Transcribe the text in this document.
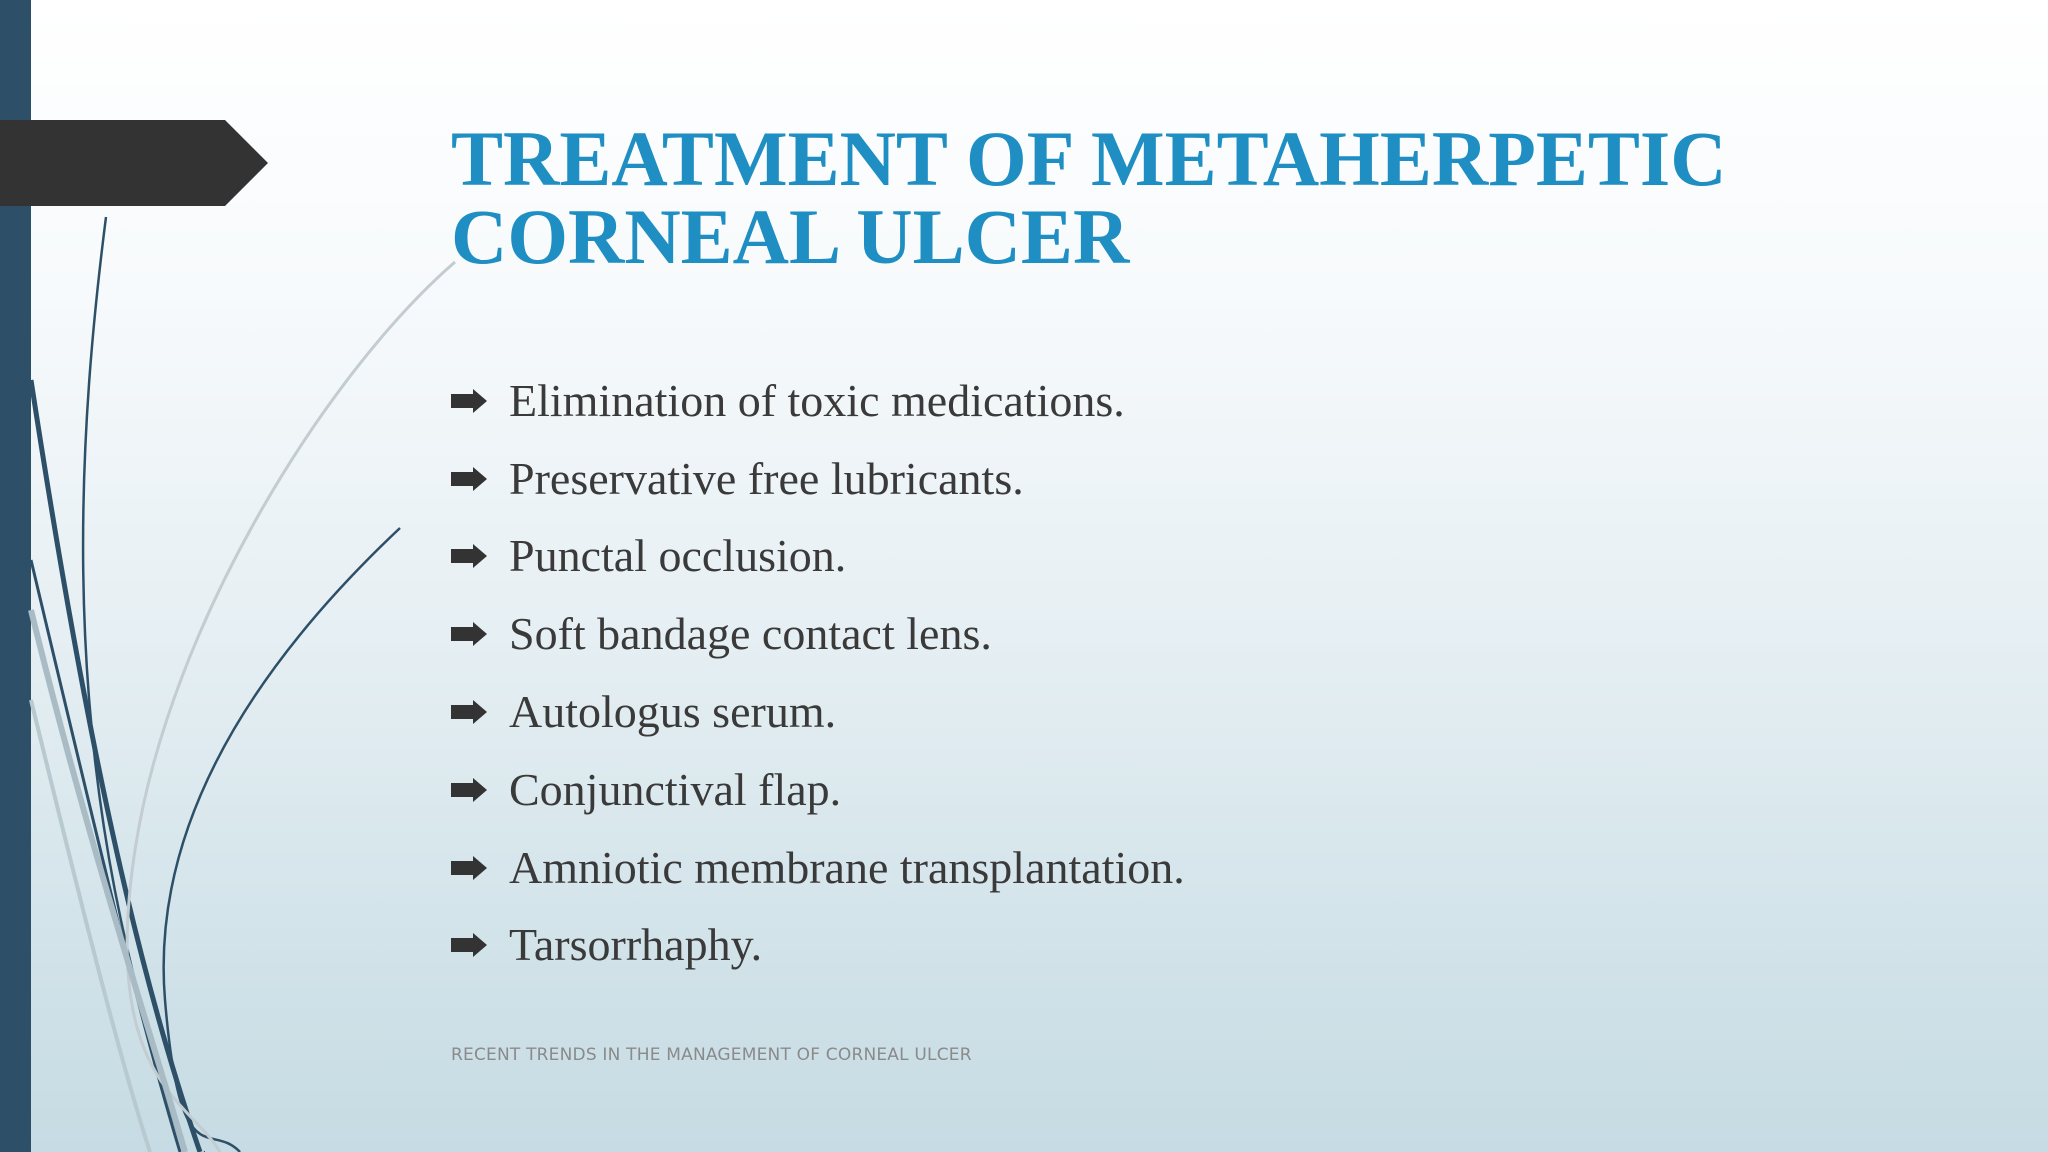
TREATMENT OF METAHERPETIC
CORNEAL ULCER
Elimination of toxic medications.
Preservative free lubricants.
Punctal occlusion.
Soft bandage contact lens.
Autologus serum.
Conjunctival flap.
Amniotic membrane transplantation.
Tarsorrhaphy.
RECENT TRENDS IN THE MANAGEMENT OF CORNEAL ULCER
